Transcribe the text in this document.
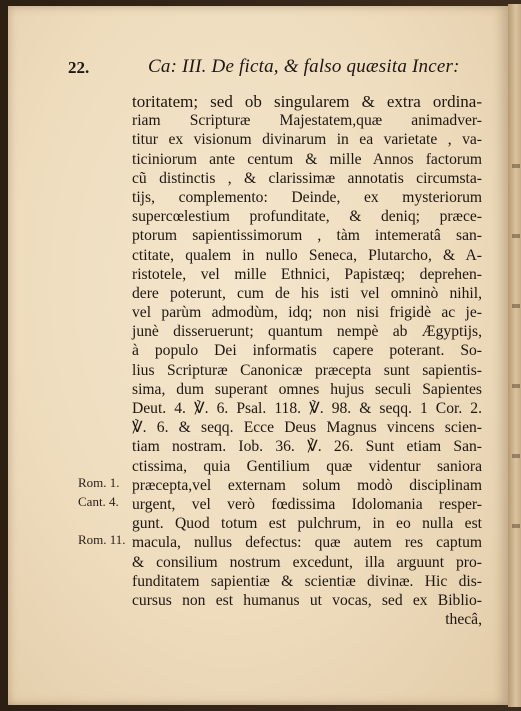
22.	Ca: III. De ficta, & falso quæsita Incer:
Rom. 1.
Cant. 4.
Rom. 11.
toritatem; sed ob singularem & extra ordina-
riam Scripturæ Majestatem,quæ animadver-
titur ex visionum divinarum in ea varietate , va-
ticiniorum ante centum & mille Annos factorum
cũ distinctis , & clarissimæ annotatis circumsta-
tijs, complemento: Deinde, ex mysteriorum
supercœlestium profunditate, & deniq; præce-
ptorum sapientissimorum , tàm intemeratâ san-
ctitate, qualem in nullo Seneca, Plutarcho, & A-
ristotele, vel mille Ethnici, Papistæq; deprehen-
dere poterunt, cum de his isti vel omninò nihil,
vel parùm admodùm, idq; non nisi frigidè ac je-
junè disseruerunt; quantum nempè ab Ægyptijs,
à populo Dei informatis capere poterant. So-
lius Scripturæ Canonicæ præcepta sunt sapientis-
sima, dum superant omnes hujus seculi Sapientes
Deut. 4. ℣. 6. Psal. 118. ℣. 98. & seqq. 1 Cor. 2.
℣. 6. & seqq. Ecce Deus Magnus vincens scien-
tiam nostram. Iob. 36. ℣. 26. Sunt etiam San-
ctissima, quia Gentilium quæ videntur saniora
præcepta,vel externam solum modò disciplinam
urgent, vel verò fœdissima Idolomania resper-
gunt. Quod totum est pulchrum, in eo nulla est
macula, nullus defectus: quæ autem res captum
& consilium nostrum excedunt, illa arguunt pro-
funditatem sapientiæ & scientiæ divinæ. Hic dis-
cursus non est humanus ut vocas, sed ex Biblio-
thecâ,
